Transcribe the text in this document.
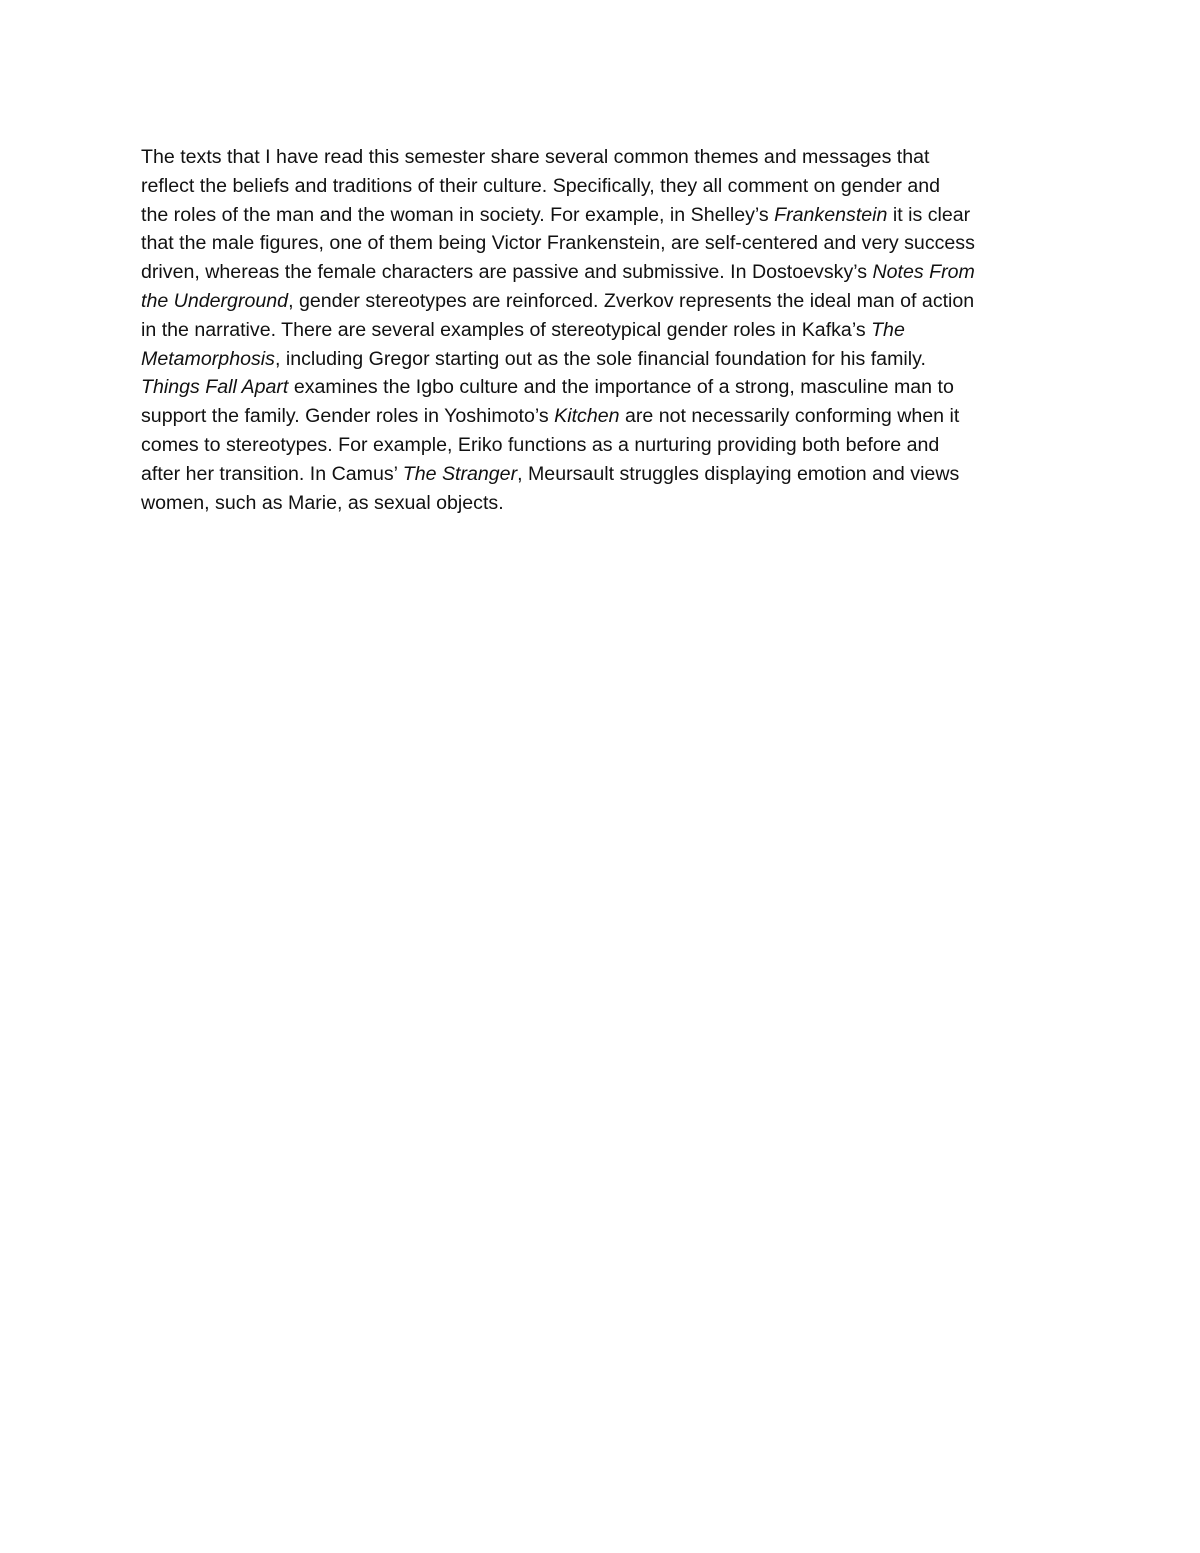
The texts that I have read this semester share several common themes and messages that
reflect the beliefs and traditions of their culture. Specifically, they all comment on gender and
the roles of the man and the woman in society. For example, in Shelley’s Frankenstein it is clear
that the male figures, one of them being Victor Frankenstein, are self-centered and very success
driven, whereas the female characters are passive and submissive. In Dostoevsky’s Notes From
the Underground, gender stereotypes are reinforced. Zverkov represents the ideal man of action
in the narrative. There are several examples of stereotypical gender roles in Kafka’s The
Metamorphosis, including Gregor starting out as the sole financial foundation for his family.
Things Fall Apart examines the Igbo culture and the importance of a strong, masculine man to
support the family. Gender roles in Yoshimoto’s Kitchen are not necessarily conforming when it
comes to stereotypes. For example, Eriko functions as a nurturing providing both before and
after her transition. In Camus’ The Stranger, Meursault struggles displaying emotion and views
women, such as Marie, as sexual objects.
